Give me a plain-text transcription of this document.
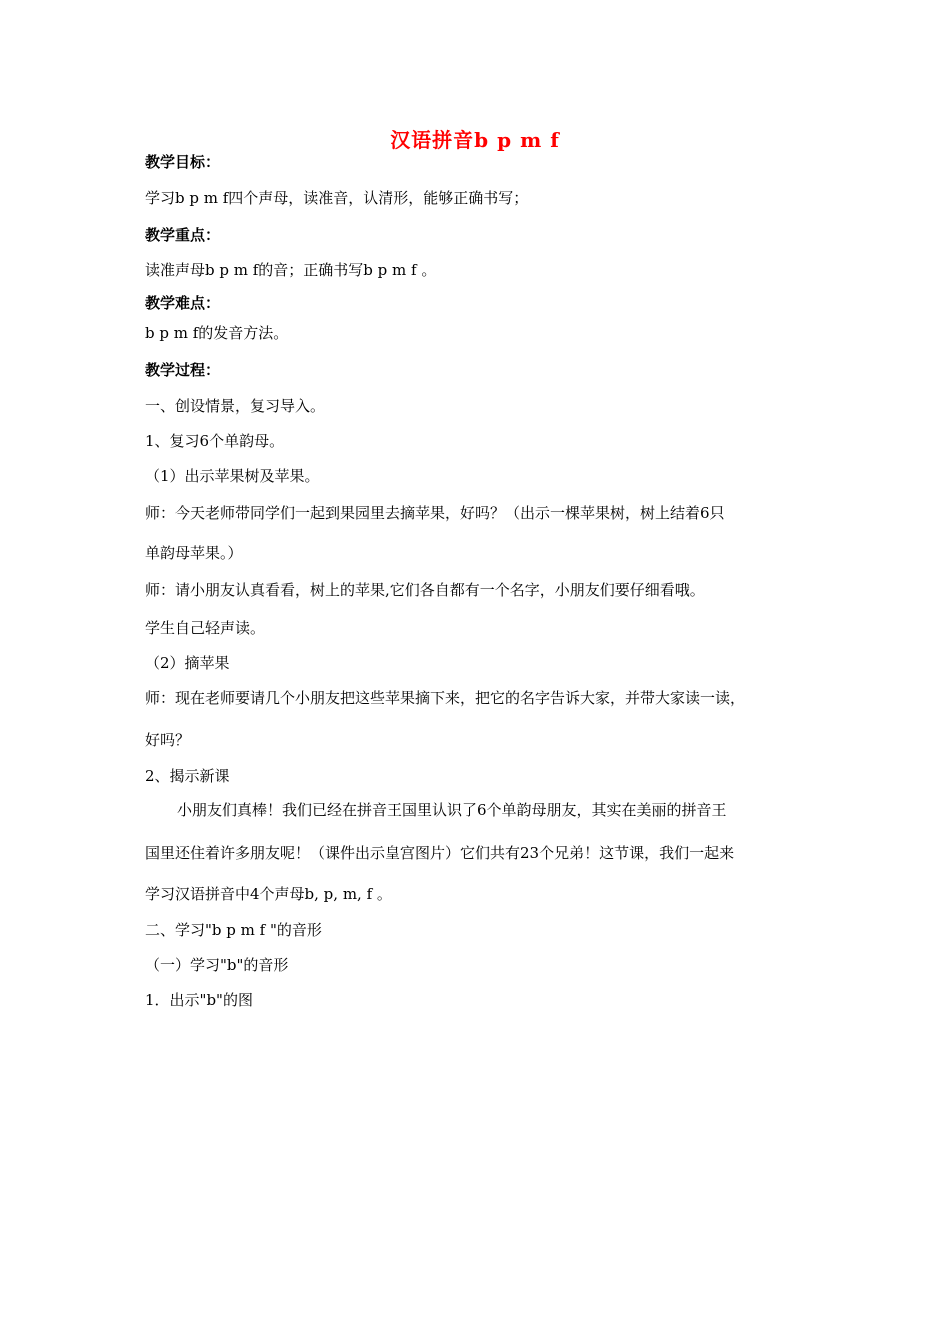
汉语拼音b p m f
教学目标：
学习b p m f四个声母，读准音，认清形，能够正确书写；
教学重点：
读准声母b p m f的音；正确书写b p m f 。
教学难点：
b p m f的发音方法。
教学过程：
一、创设情景，复习导入。
1、复习6个单韵母。
（1）出示苹果树及苹果。
师：今天老师带同学们一起到果园里去摘苹果，好吗？（出示一棵苹果树，树上结着6只
单韵母苹果。）
师：请小朋友认真看看，树上的苹果,它们各自都有一个名字，小朋友们要仔细看哦。
学生自己轻声读。
（2）摘苹果
师：现在老师要请几个小朋友把这些苹果摘下来，把它的名字告诉大家，并带大家读一读，
好吗？
2、揭示新课
小朋友们真棒！我们已经在拼音王国里认识了6个单韵母朋友，其实在美丽的拼音王
国里还住着许多朋友呢！（课件出示皇宫图片）它们共有23个兄弟！这节课，我们一起来
学习汉语拼音中4个声母b, p, m, f 。
二、学习"b p m f "的音形
（一）学习"b"的音形
1．出示"b"的图
